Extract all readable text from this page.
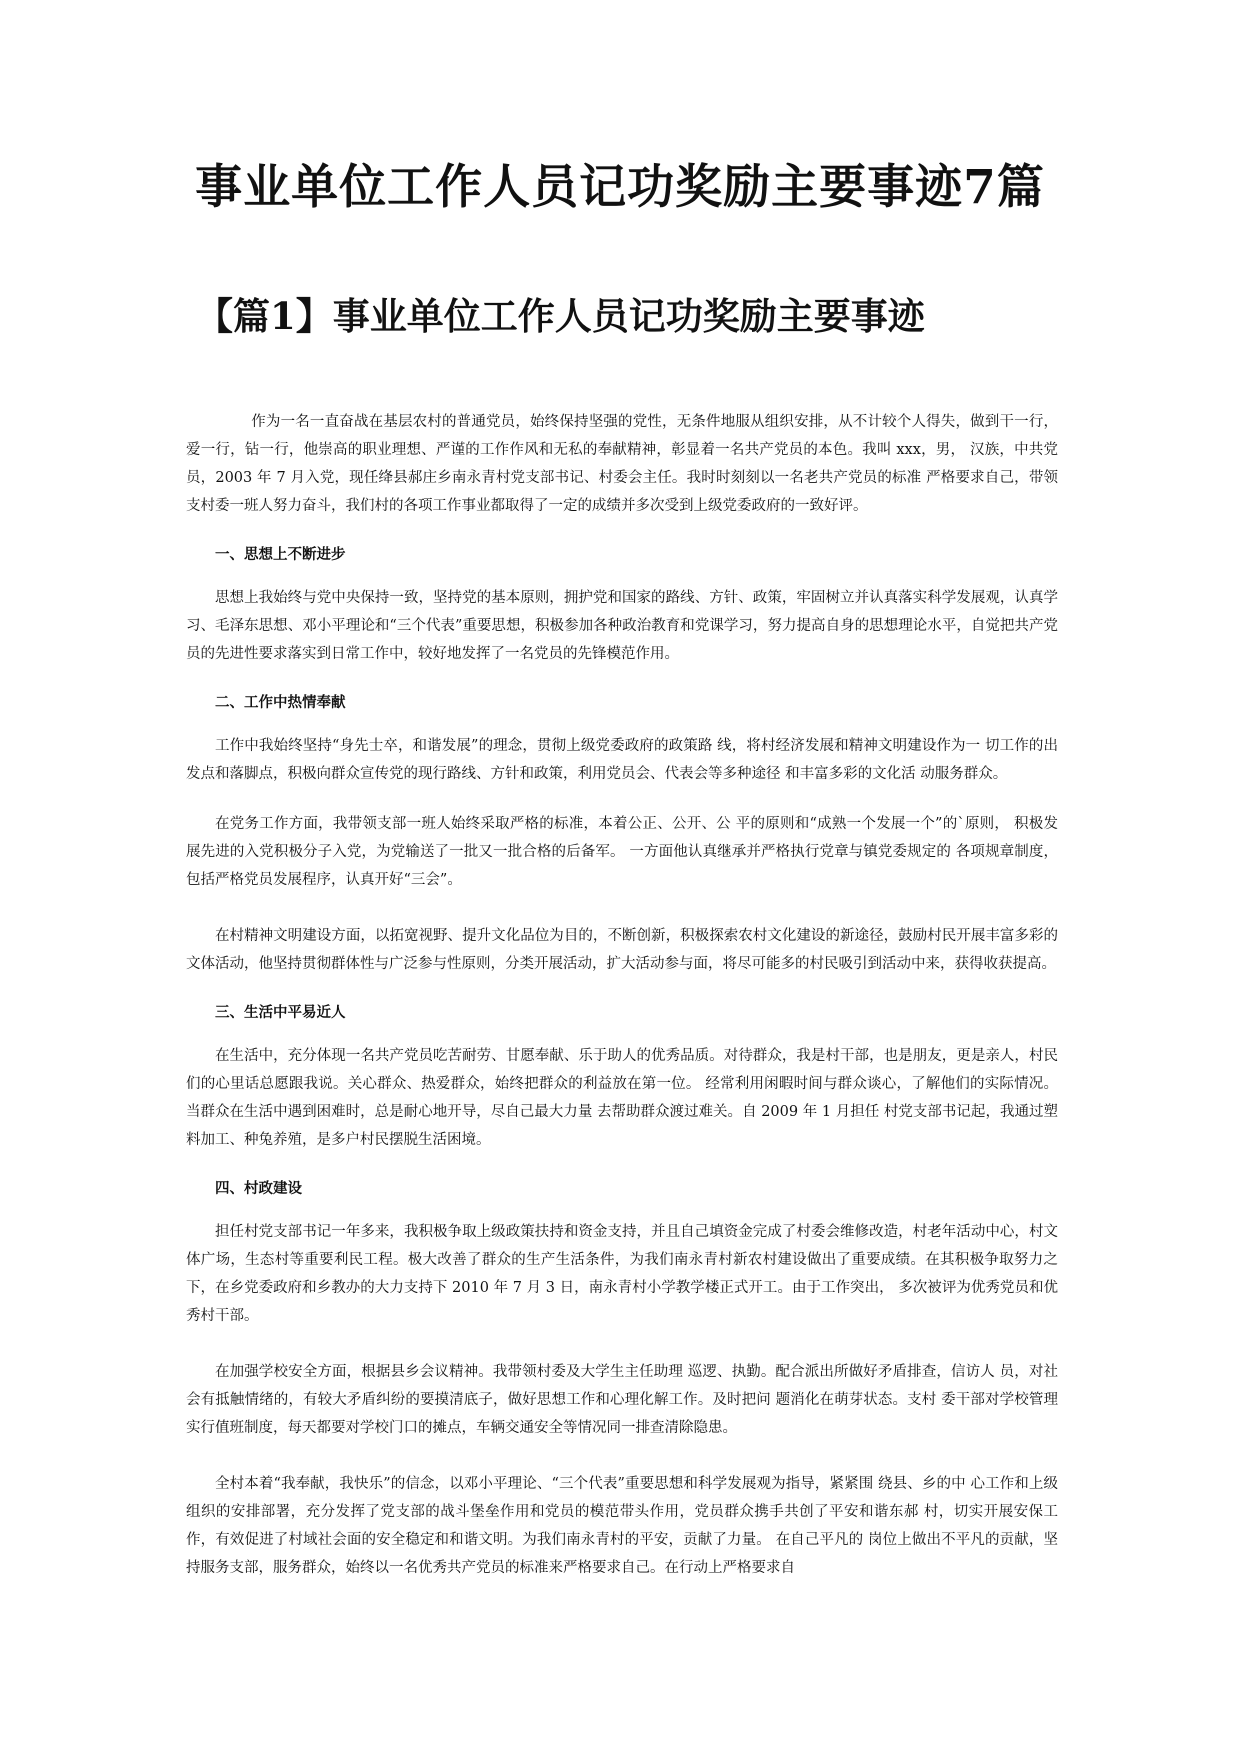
事业单位工作人员记功奖励主要事迹7篇
【篇1】事业单位工作人员记功奖励主要事迹

作为一名一直奋战在基层农村的普通党员，始终保持坚强的党性，无条件地服从组织安排，从不计较个人得失，做到干一行，爱一行，钻一行，他崇高的职业理想、严谨的工作作风和无私的奉献精神，彰显着一名共产党员的本色。我叫 xxx，男， 汉族，中共党员，2003 年 7 月入党，现任绛县郝庄乡南永青村党支部书记、村委会主任。我时时刻刻以一名老共产党员的标准 严格要求自己，带领支村委一班人努力奋斗，我们村的各项工作事业都取得了一定的成绩并多次受到上级党委政府的一致好评。

一、思想上不断进步

思想上我始终与党中央保持一致，坚持党的基本原则，拥护党和国家的路线、方针、政策，牢固树立并认真落实科学发展观，认真学习、毛泽东思想、邓小平理论和“三个代表”重要思想，积极参加各种政治教育和党课学习，努力提高自身的思想理论水平，自觉把共产党员的先进性要求落实到日常工作中，较好地发挥了一名党员的先锋模范作用。

二、工作中热情奉献

工作中我始终坚持“身先士卒，和谐发展”的理念，贯彻上级党委政府的政策路 线，将村经济发展和精神文明建设作为一 切工作的出发点和落脚点，积极向群众宣传党的现行路线、方针和政策，利用党员会、代表会等多种途径 和丰富多彩的文化活 动服务群众。

在党务工作方面，我带领支部一班人始终采取严格的标准，本着公正、公开、公 平的原则和“成熟一个发展一个”的`原则， 积极发展先进的入党积极分子入党，为党输送了一批又一批合格的后备军。 一方面他认真继承并严格执行党章与镇党委规定的 各项规章制度，包括严格党员发展程序，认真开好“三会”。

在村精神文明建设方面，以拓宽视野、提升文化品位为目的，不断创新，积极探索农村文化建设的新途径，鼓励村民开展丰富多彩的文体活动，他坚持贯彻群体性与广泛参与性原则，分类开展活动，扩大活动参与面，将尽可能多的村民吸引到活动中来，获得收获提高。

三、生活中平易近人

在生活中，充分体现一名共产党员吃苦耐劳、甘愿奉献、乐于助人的优秀品质。对待群众，我是村干部，也是朋友，更是亲人，村民们的心里话总愿跟我说。关心群众、热爱群众，始终把群众的利益放在第一位。 经常利用闲暇时间与群众谈心，了解他们的实际情况。当群众在生活中遇到困难时，总是耐心地开导，尽自己最大力量 去帮助群众渡过难关。自 2009 年 1 月担任 村党支部书记起，我通过塑料加工、种兔养殖，是多户村民摆脱生活困境。

四、村政建设

担任村党支部书记一年多来，我积极争取上级政策扶持和资金支持，并且自己填资金完成了村委会维修改造，村老年活动中心，村文体广场，生态村等重要利民工程。极大改善了群众的生产生活条件，为我们南永青村新农村建设做出了重要成绩。在其积极争取努力之下，在乡党委政府和乡教办的大力支持下 2010 年 7 月 3 日，南永青村小学教学楼正式开工。由于工作突出， 多次被评为优秀党员和优秀村干部。

在加强学校安全方面，根据县乡会议精神。我带领村委及大学生主任助理 巡逻、执勤。配合派出所做好矛盾排查，信访人 员，对社会有抵触情绪的，有较大矛盾纠纷的要摸清底子，做好思想工作和心理化解工作。及时把问 题消化在萌芽状态。支村 委干部对学校管理实行值班制度，每天都要对学校门口的摊点，车辆交通安全等情况同一排查清除隐患。

全村本着“我奉献，我快乐”的信念，以邓小平理论、“三个代表”重要思想和科学发展观为指导，紧紧围 绕县、乡的中 心工作和上级组织的安排部署，充分发挥了党支部的战斗堡垒作用和党员的模范带头作用，党员群众携手共创了平安和谐东郝 村，切实开展安保工作，有效促进了村域社会面的安全稳定和和谐文明。为我们南永青村的平安，贡献了力量。 在自己平凡的 岗位上做出不平凡的贡献，坚持服务支部，服务群众，始终以一名优秀共产党员的标准来严格要求自己。在行动上严格要求自
